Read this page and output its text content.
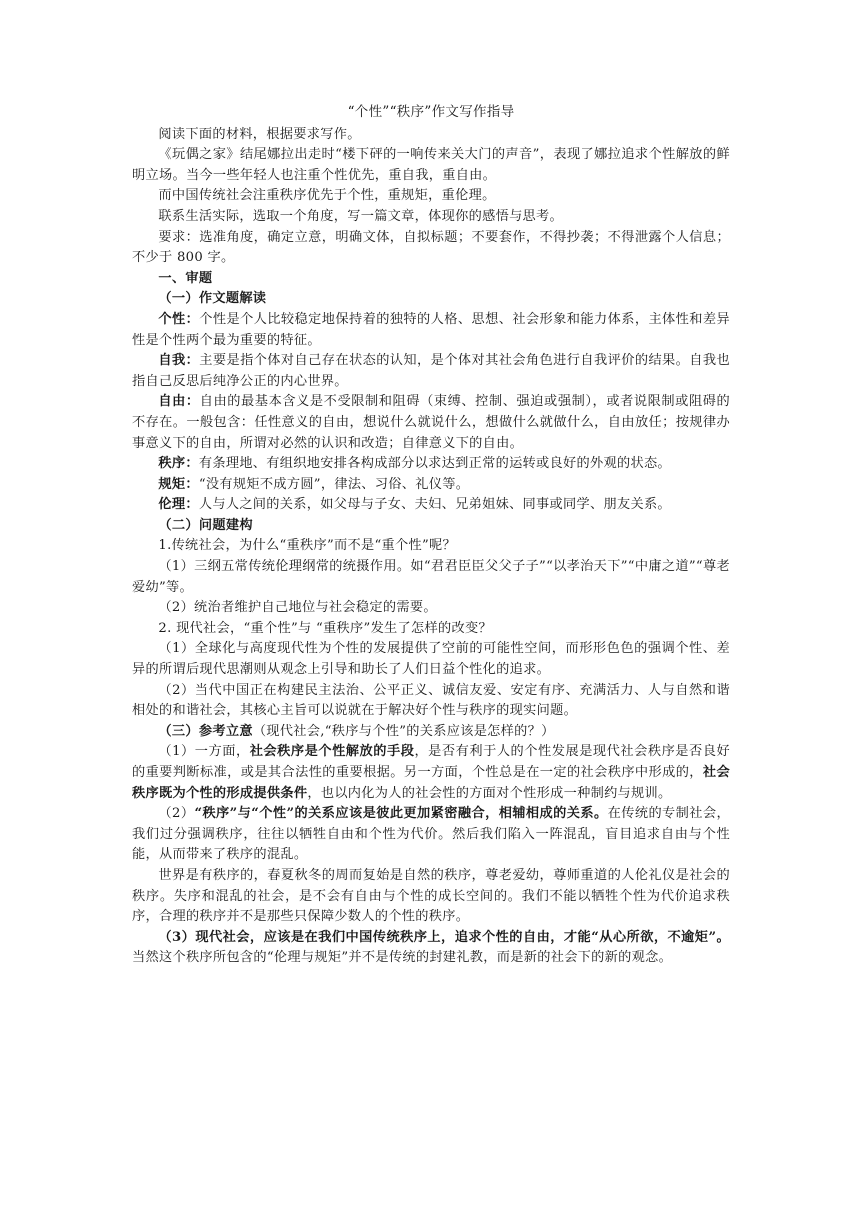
“个性”“秩序”作文写作指导

阅读下面的材料，根据要求写作。

《玩偶之家》结尾娜拉出走时“楼下砰的一响传来关大门的声音”，表现了娜拉追求个性解放的鲜明立场。当今一些年轻人也注重个性优先，重自我，重自由。

而中国传统社会注重秩序优先于个性，重规矩，重伦理。

联系生活实际，选取一个角度，写一篇文章，体现你的感悟与思考。

要求：选准角度，确定立意，明确文体，自拟标题；不要套作，不得抄袭；不得泄露个人信息；不少于 800 字。

一、审题

（一）作文题解读

个性：个性是个人比较稳定地保持着的独特的人格、思想、社会形象和能力体系，主体性和差异性是个性两个最为重要的特征。

自我：主要是指个体对自己存在状态的认知，是个体对其社会角色进行自我评价的结果。自我也指自己反思后纯净公正的内心世界。

自由：自由的最基本含义是不受限制和阻碍（束缚、控制、强迫或强制），或者说限制或阻碍的不存在。一般包含：任性意义的自由，想说什么就说什么，想做什么就做什么，自由放任；按规律办事意义下的自由，所谓对必然的认识和改造；自律意义下的自由。

秩序：有条理地、有组织地安排各构成部分以求达到正常的运转或良好的外观的状态。

规矩：“没有规矩不成方圆”，律法、习俗、礼仪等。

伦理：人与人之间的关系，如父母与子女、夫妇、兄弟姐妹、同事或同学、朋友关系。

（二）问题建构

1.传统社会，为什么“重秩序”而不是“重个性”呢？

（1）三纲五常传统伦理纲常的统摄作用。如“君君臣臣父父子子”“以孝治天下”“中庸之道”“尊老爱幼”等。

（2）统治者维护自己地位与社会稳定的需要。

2. 现代社会，“重个性”与 “重秩序”发生了怎样的改变？

（1）全球化与高度现代性为个性的发展提供了空前的可能性空间，而形形色色的强调个性、差异的所谓后现代思潮则从观念上引导和助长了人们日益个性化的追求。

（2）当代中国正在构建民主法治、公平正义、诚信友爱、安定有序、充满活力、人与自然和谐相处的和谐社会，其核心主旨可以说就在于解决好个性与秩序的现实问题。

（三）参考立意（现代社会,“秩序与个性”的关系应该是怎样的？）

（1）一方面，社会秩序是个性解放的手段，是否有利于人的个性发展是现代社会秩序是否良好的重要判断标准，或是其合法性的重要根据。另一方面，个性总是在一定的社会秩序中形成的，社会秩序既为个性的形成提供条件，也以内化为人的社会性的方面对个性形成一种制约与规训。

（2）“秩序”与“个性”的关系应该是彼此更加紧密融合，相辅相成的关系。在传统的专制社会，我们过分强调秩序，往往以牺牲自由和个性为代价。然后我们陷入一阵混乱，盲目追求自由与个性能，从而带来了秩序的混乱。

世界是有秩序的，春夏秋冬的周而复始是自然的秩序，尊老爱幼，尊师重道的人伦礼仪是社会的秩序。失序和混乱的社会，是不会有自由与个性的成长空间的。我们不能以牺牲个性为代价追求秩序，合理的秩序并不是那些只保障少数人的个性的秩序。

（3）现代社会，应该是在我们中国传统秩序上，追求个性的自由，才能“从心所欲，不逾矩”。当然这个秩序所包含的“伦理与规矩”并不是传统的封建礼教，而是新的社会下的新的观念。
